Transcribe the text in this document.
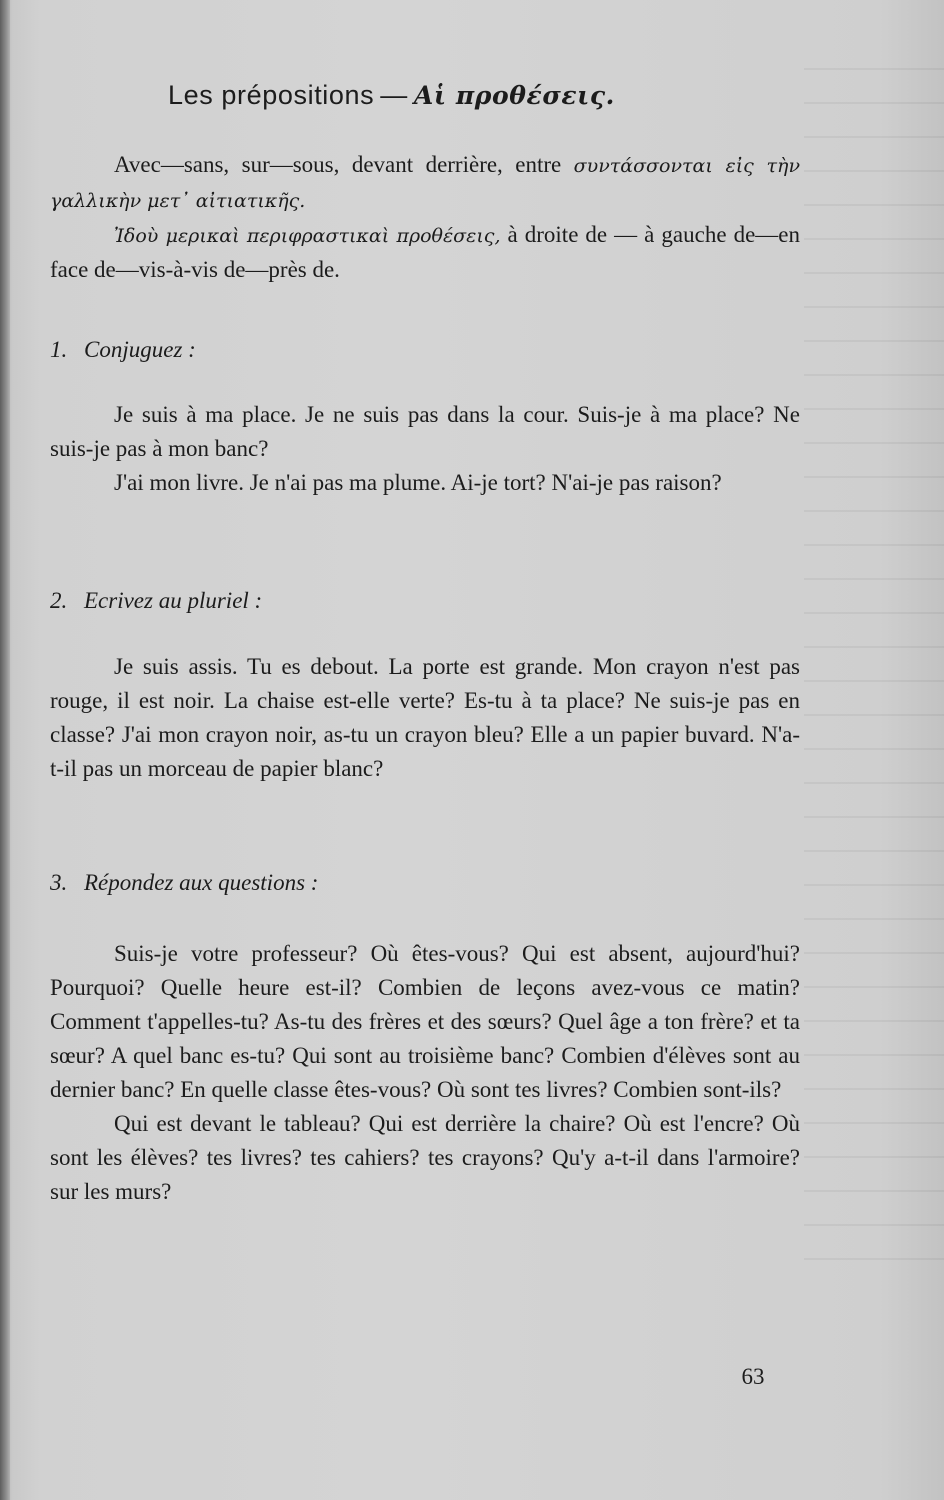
Les prépositions — Αἱ προθέσεις.

Avec—sans, sur—sous, devant derrière, entre συντάσσονται εἰς τὴν γαλλικὴν μετ᾽ αἰτιατικῆς.

Ἰδοὺ μερικαὶ περιφραστικαὶ προθέσεις, à droite de — à gauche de—en face de—vis-à-vis de—près de.

1. Conjuguez :

Je suis à ma place. Je ne suis pas dans la cour. Suis-je à ma place? Ne suis-je pas à mon banc?

J'ai mon livre. Je n'ai pas ma plume. Ai-je tort? N'ai-je pas raison?

2. Ecrivez au pluriel :

Je suis assis. Tu es debout. La porte est grande. Mon crayon n'est pas rouge, il est noir. La chaise est-elle verte? Es-tu à ta place? Ne suis-je pas en classe? J'ai mon crayon noir, as-tu un crayon bleu? Elle a un papier buvard. N'a-t-il pas un morceau de papier blanc?

3. Répondez aux questions :

Suis-je votre professeur? Où êtes-vous? Qui est absent, aujourd'hui? Pourquoi? Quelle heure est-il? Combien de leçons avez-vous ce matin? Comment t'appelles-tu? As-tu des frères et des sœurs? Quel âge a ton frère? et ta sœur? A quel banc es-tu? Qui sont au troisième banc? Combien d'élèves sont au dernier banc? En quelle classe êtes-vous? Où sont tes livres? Combien sont-ils?

Qui est devant le tableau? Qui est derrière la chaire? Où est l'encre? Où sont les élèves? tes livres? tes cahiers? tes crayons? Qu'y a-t-il dans l'armoire? sur les murs?

63
